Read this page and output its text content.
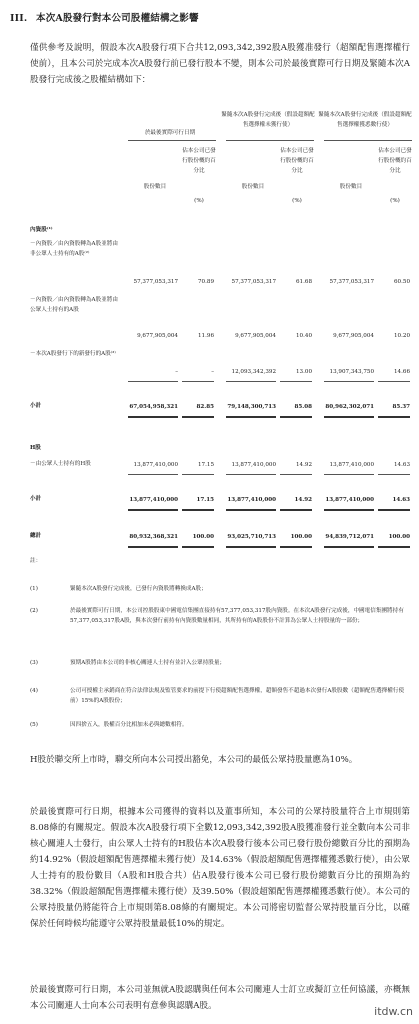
III. 本次A股發行對本公司股權結構之影響
僅供參考及說明，假設本次A股發行項下合共12,093,342,392股A股獲准發行（超額配售選擇權行使前），且本公司於完成本次A股發行前已發行股本不變，則本公司於最後實際可行日期及緊隨本次A股發行完成後之股權結構如下：
於最後實際可行日期
緊隨本次A股發行完成後（假設超額配售選擇權未獲行使）
緊隨本次A股發行完成後（假設超額配售選擇權獲悉數行使）
佔本公司已發行股份概約百分比
佔本公司已發行股份概約百分比
佔本公司已發行股份概約百分比
股份數目	股份數目	股份數目
(%)	(%)	(%)
內資股⁽¹⁾
－內資股／由內資股轉為A股並將由非公眾人士持有的A股⁽²⁾
57,377,053,317	70.89	57,377,053,317	61.68	57,377,053,317	60.50
－內資股／由內資股轉為A股並將由公眾人士持有的A股
9,677,905,004	11.96	9,677,905,004	10.40	9,677,905,004	10.20
－本次A股發行下的新發行的A股⁽³⁾
–	–	12,093,342,392	13.00	13,907,343,750	14.66
小計	67,054,958,321	82.85	79,148,300,713	85.08	80,962,302,071	85.37
H股
－由公眾人士持有的H股	13,877,410,000	17.15	13,877,410,000	14.92	13,877,410,000	14.63
小計	13,877,410,000	17.15	13,877,410,000	14.92	13,877,410,000	14.63
總計	80,932,368,321	100.00	93,025,710,713	100.00	94,839,712,071	100.00
註：
(1)	緊隨本次A股發行完成後，已發行內資股將轉換成A股；
(2)	於最後實際可行日期，本公司控股股東中國電信集團直接持有57,377,053,317股內資股。在本次A股發行完成後，中國電信集團將持有57,377,053,317股A股，與本次發行前持有內資股數量相同，其所持有的A股股份不計算為公眾人士持股量的一部份；
(3)	預期A股將由本公司的非核心關連人士持有並計入公眾持股量；
(4)	公司可授權主承銷商在符合法律法規及監管要求的前提下行使超額配售選擇權，超額發售不超過本次發行A股股數（超額配售選擇權行使前）15%的A股股份；
(5)	因四捨五入，股權百分比相加未必與總數相符。
H股於聯交所上市時，聯交所向本公司授出豁免，本公司的最低公眾持股量應為10%。
於最後實際可行日期，根據本公司獲得的資料以及董事所知，本公司的公眾持股量符合上市規則第8.08條的有關規定。假設本次A股發行項下全數12,093,342,392股A股獲准發行並全數向本公司非核心關連人士發行，由公眾人士持有的H股佔本次A股發行後本公司已發行股份總數百分比的預期為約14.92%（假設超額配售選擇權未獲行使）及14.63%（假設超額配售選擇權獲悉數行使），由公眾人士持有的股份數目（A股和H股合共）佔A股發行後本公司已發行股份總數百分比的預期為約38.32%（假設超額配售選擇權未獲行使）及39.50%（假設超額配售選擇權獲悉數行使）。本公司的公眾持股量仍將能符合上市規則第8.08條的有關規定。本公司將密切監督公眾持股量百分比，以確保於任何時候均能遵守公眾持股量最低10%的規定。
於最後實際可行日期，本公司並無就A股認購與任何本公司關連人士訂立或擬訂立任何協議，亦概無本公司關連人士向本公司表明有意參與認購A股。	itdw.cn
